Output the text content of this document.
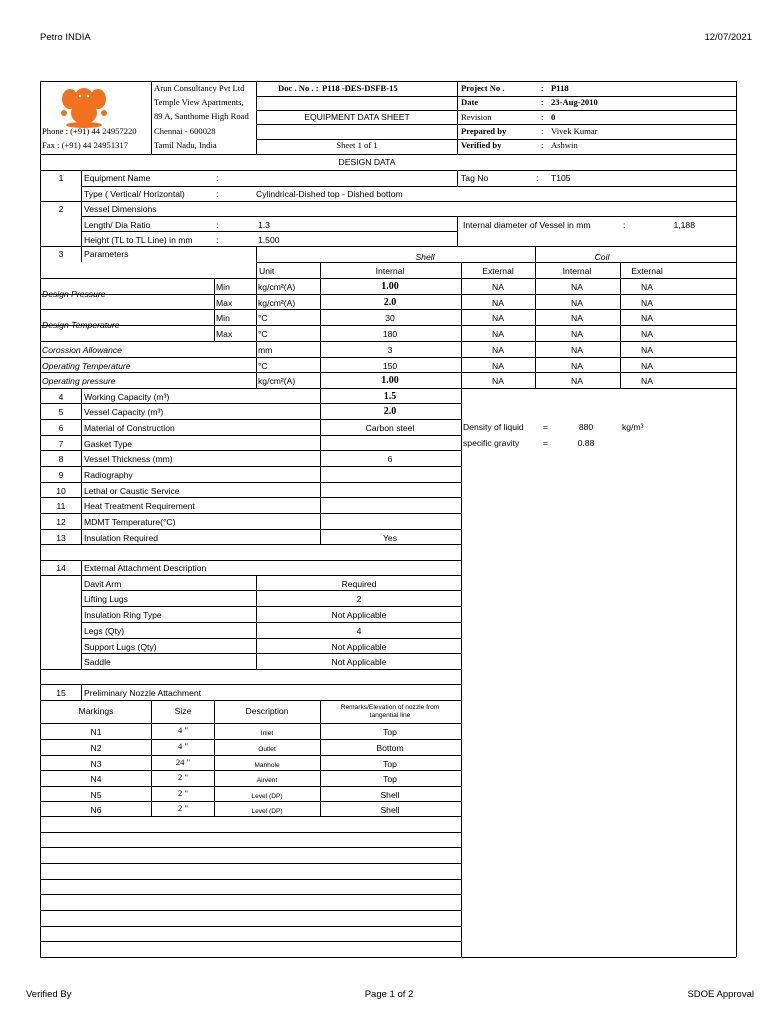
Petro INDIA	12/07/2021
Arun Consultancy Pvt Ltd
Temple View Apartments,
89 A, Santhome High Road
Chennai - 600028
Tamil Nadu, India
Phone : (+91) 44 24957220
Fax : (+91) 44 24951317
Doc . No . : P118 -DES-DSFB-15
EQUIPMENT DATA SHEET
Sheet 1 of 1
Project No .	: P118
Date	: 23-Aug-2010
Revision	: 0
Prepared by	: Vivek Kumar
Verified by	: Ashwin
DESIGN DATA
1 Equipment Name	:	Tag No	: T105
Type ( Vertical/ Horizontal)	:	Cylindrical-Dished top - Dished bottom
2 Vessel Dimensions
Length/ Dia Ratio	:	1.3	Internal diameter of Vessel in mm	:	1,188
Height (TL to TL Line) in mm	:	1,500
3 Parameters	Shell	Coil
Unit	Internal	External	Internal	External
Design Pressure
Min	kg/cm²(A)	1.00	NA	NA	NA
Max	kg/cm²(A)	2.0	NA	NA	NA
Design Temperature
Min	°C	30	NA	NA	NA
Max	°C	180	NA	NA	NA
Corossion Allowance	mm	3	NA	NA	NA
Operating Temperature	°C	150	NA	NA	NA
Operating pressure	kg/cm²(A)	1.00	NA	NA	NA
4 Working Capacity (m³)	1.5
5 Vessel Capacity (m³)	2.0
6 Material of Construction	Carbon steel
7 Gasket Type
8 Vessel Thickness (mm)	6
9 Radiography
10 Lethal or Caustic Service
11 Heat Treatment Requirement
12 MDMT Temperature(°C)
13 Insulation Required	Yes
Density of liquid =	880	kg/m³
specific gravity	=	0.88
14 External Attachment Description
Davit Arm	Required
Lifting Lugs	2
Insulation Ring Type	Not Applicable
Legs (Qty)	4
Support Lugs (Qty)	Not Applicable
Saddle	Not Applicable
15 Preliminary Nozzle Attachment
Markings	Size	Description	Remarks/Elevation of nozzle from
tangential line
N1	4 "	Inlet	Top
N2	4 "	Outlet	Bottom
N3	24 "	Manhole	Top
N4	2 "	Airvent	Top
N5	2 "	Level (DP)	Shell
N6	2 "	Level (DP)	Shell
Verified By	Page 1 of 2	SDOE Approval
